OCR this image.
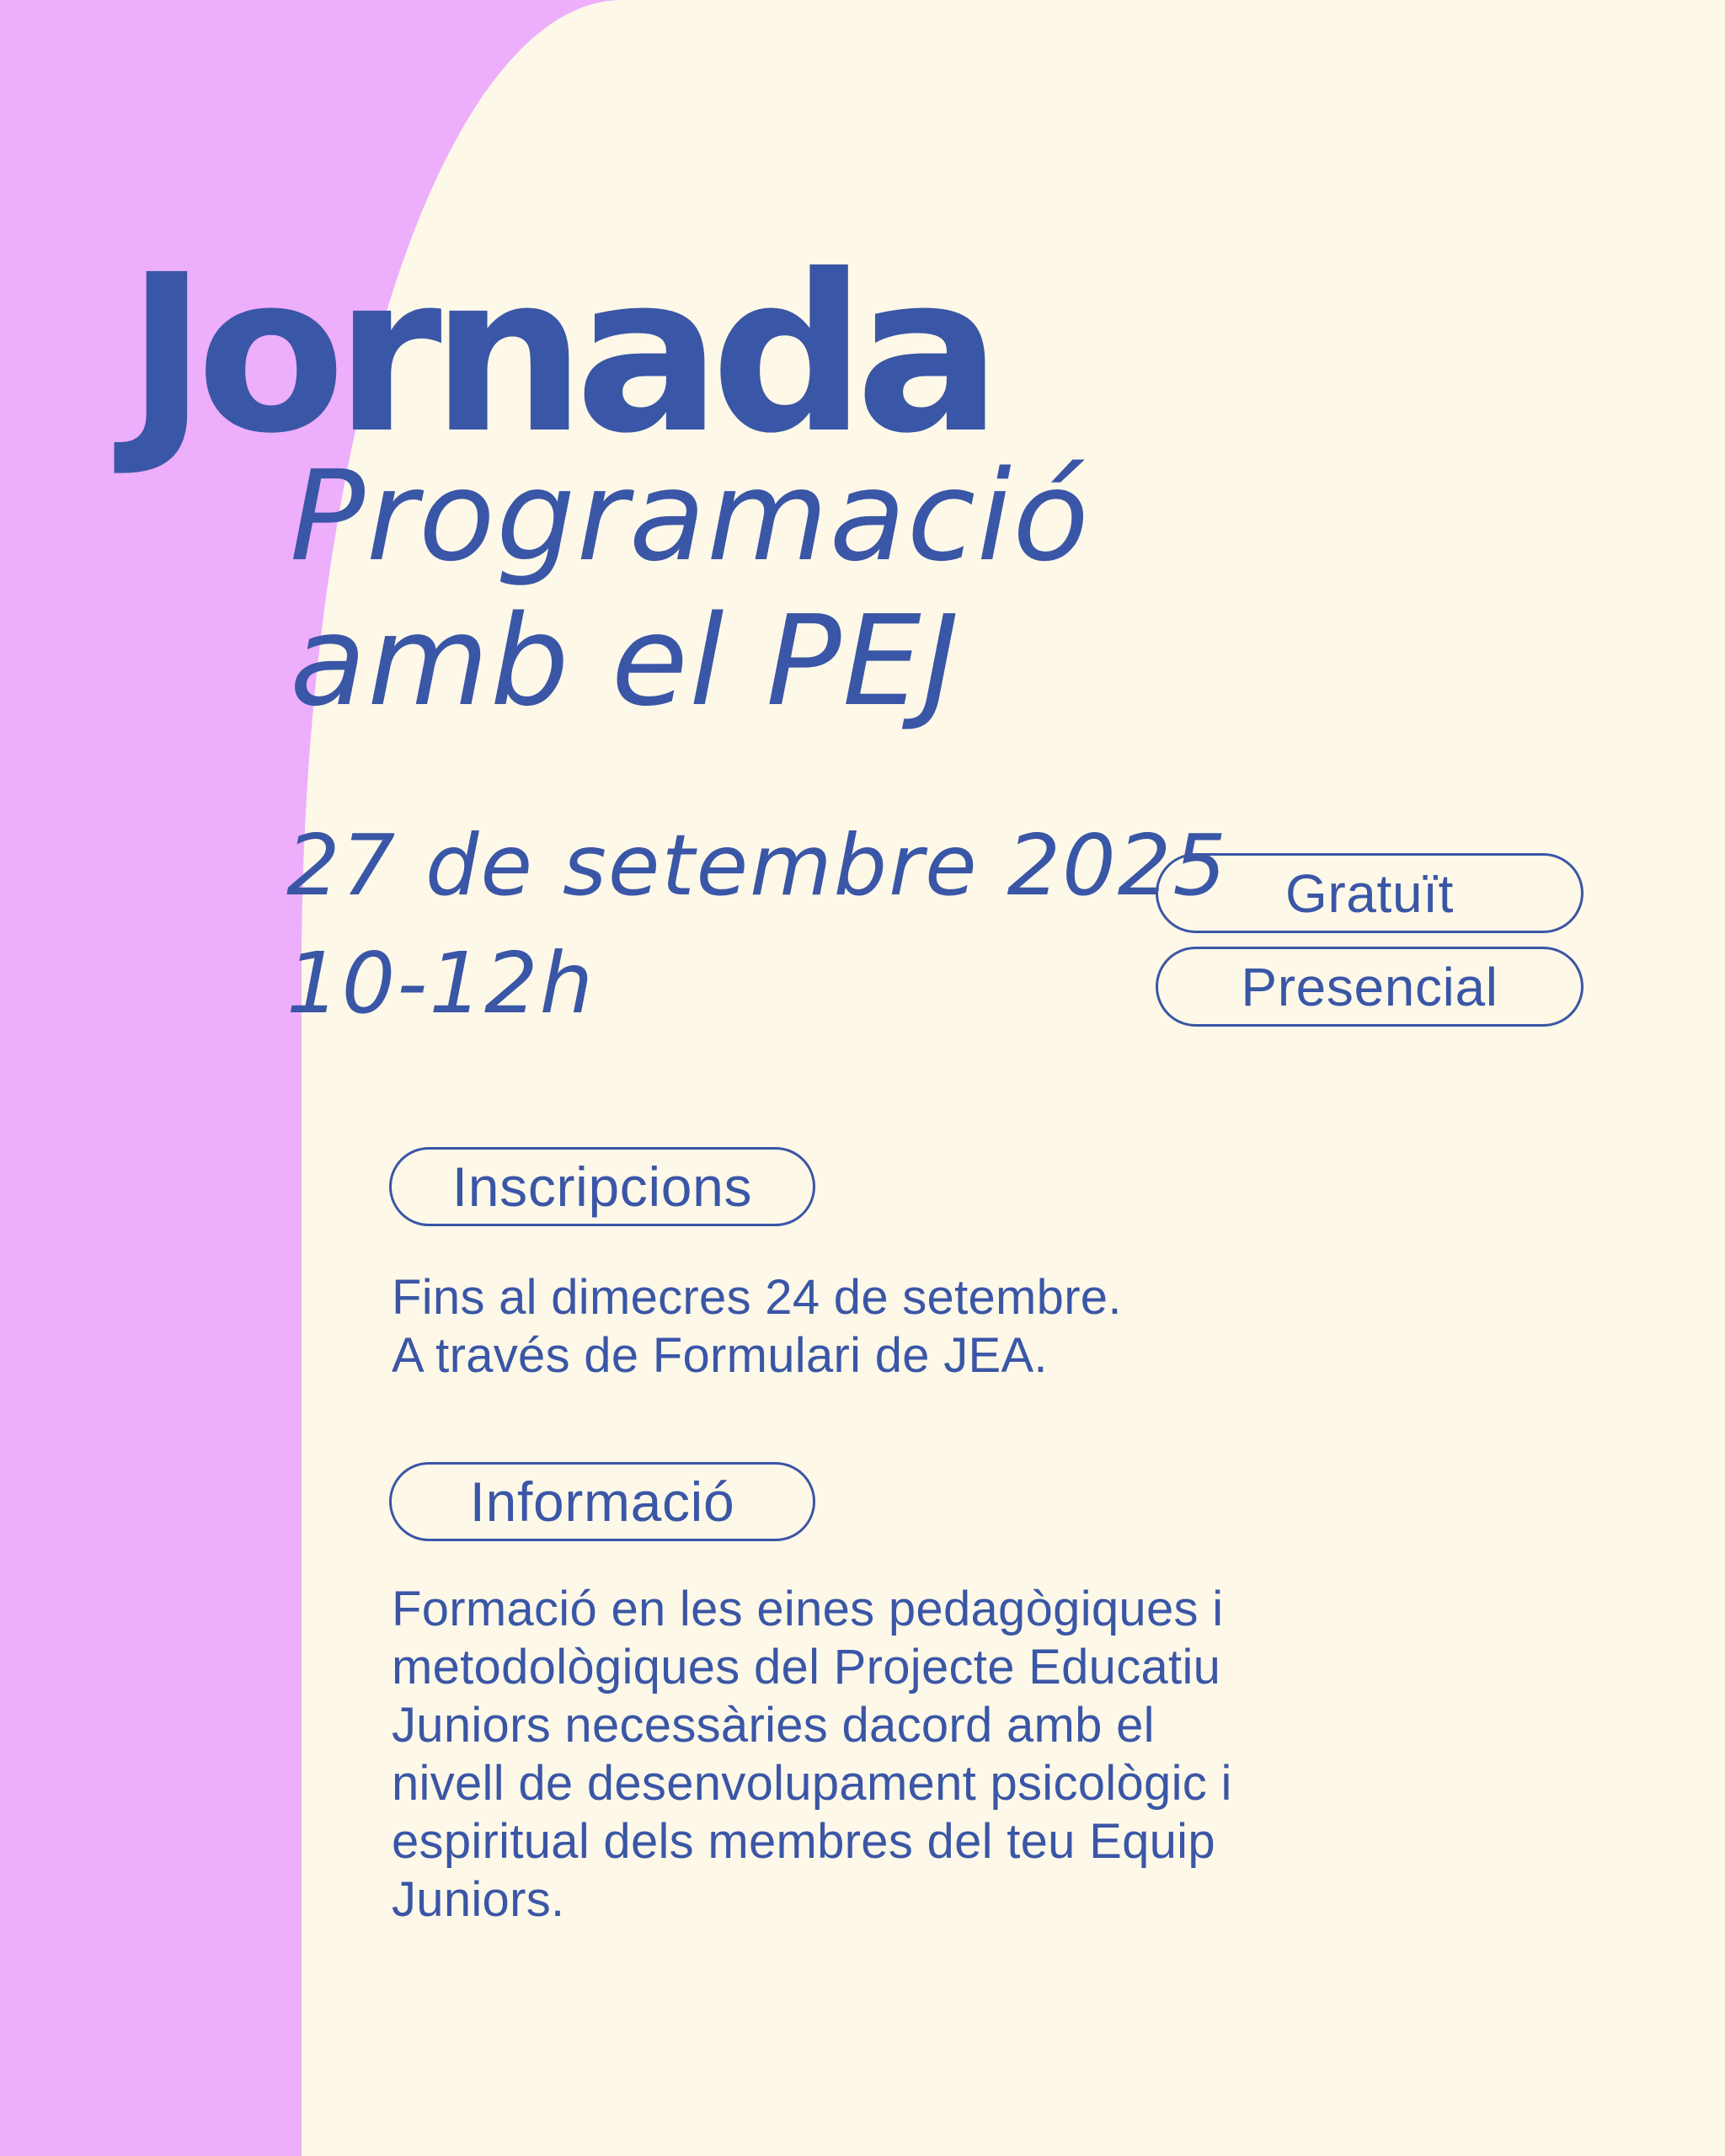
Jornada
Programació
amb el PEJ
27 de setembre 2025
10-12h
Gratuït
Presencial
Inscripcions
Fins al dimecres 24 de setembre.
A través de Formulari de JEA.
Informació
Formació en les eines pedagògiques i
metodològiques del Projecte Educatiu
Juniors necessàries dacord amb el
nivell de desenvolupament psicològic i
espiritual dels membres del teu Equip
Juniors.
